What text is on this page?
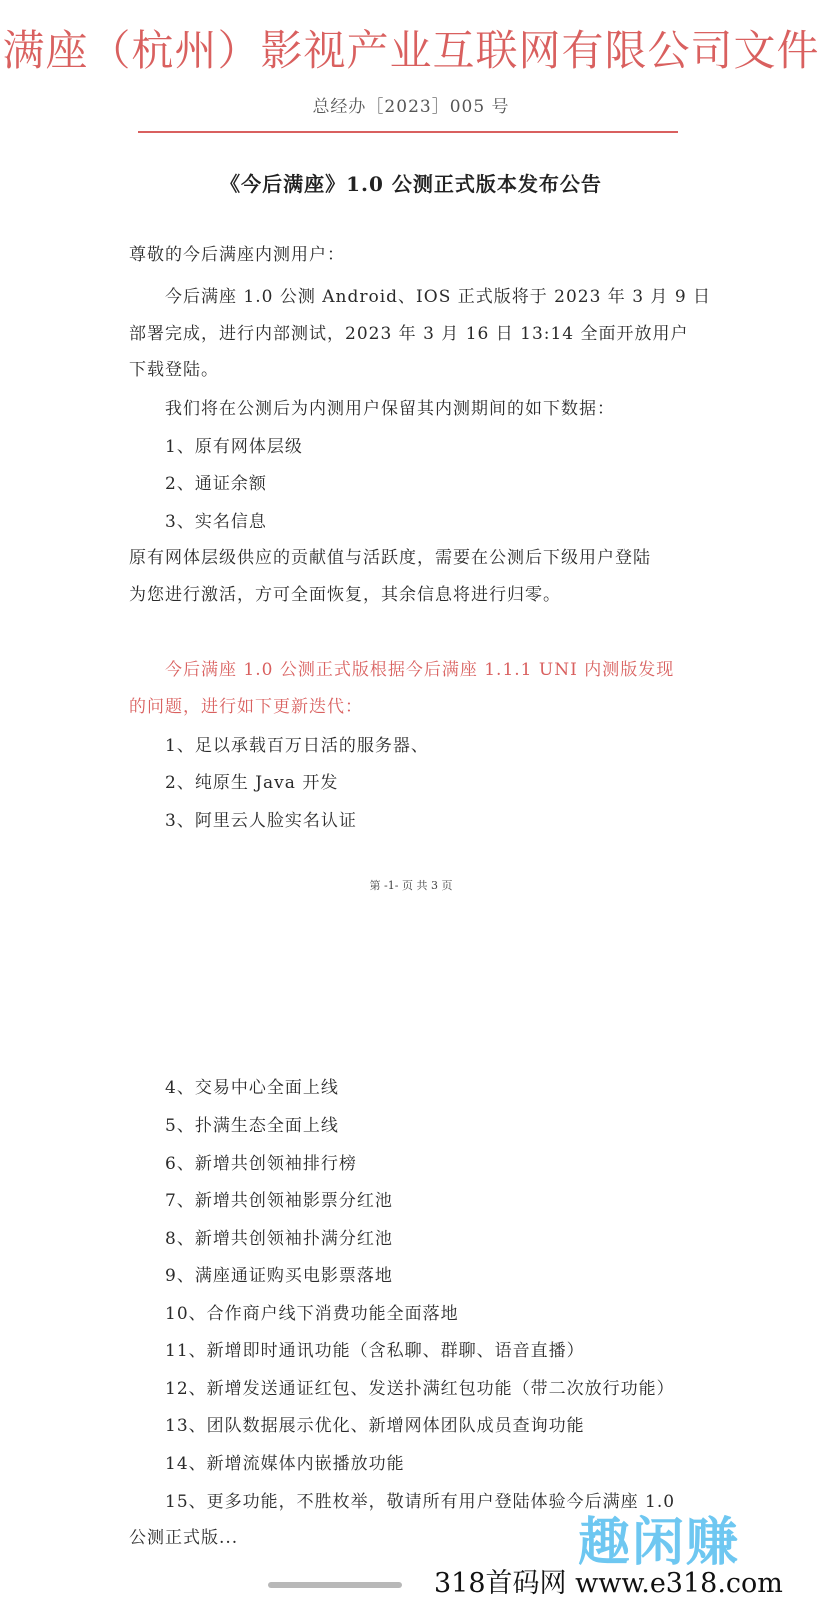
满座（杭州）影视产业互联网有限公司文件
总经办［2023］005 号
《今后满座》1.0 公测正式版本发布公告
尊敬的今后满座内测用户：
今后满座 1.0 公测 Android、IOS 正式版将于 2023 年 3 月 9 日
部署完成，进行内部测试，2023 年 3 月 16 日 13:14 全面开放用户
下载登陆。
我们将在公测后为内测用户保留其内测期间的如下数据：
1、原有网体层级
2、通证余额
3、实名信息
原有网体层级供应的贡献值与活跃度，需要在公测后下级用户登陆
为您进行激活，方可全面恢复，其余信息将进行归零。
今后满座 1.0 公测正式版根据今后满座 1.1.1 UNI 内测版发现
的问题，进行如下更新迭代：
1、足以承载百万日活的服务器、
2、纯原生 Java 开发
3、阿里云人脸实名认证
第 -1- 页 共 3 页
4、交易中心全面上线
5、扑满生态全面上线
6、新增共创领袖排行榜
7、新增共创领袖影票分红池
8、新增共创领袖扑满分红池
9、满座通证购买电影票落地
10、合作商户线下消费功能全面落地
11、新增即时通讯功能（含私聊、群聊、语音直播）
12、新增发送通证红包、发送扑满红包功能（带二次放行功能）
13、团队数据展示优化、新增网体团队成员查询功能
14、新增流媒体内嵌播放功能
15、更多功能，不胜枚举，敬请所有用户登陆体验今后满座 1.0
公测正式版...	趣闲赚
318首码网 www.e318.com
